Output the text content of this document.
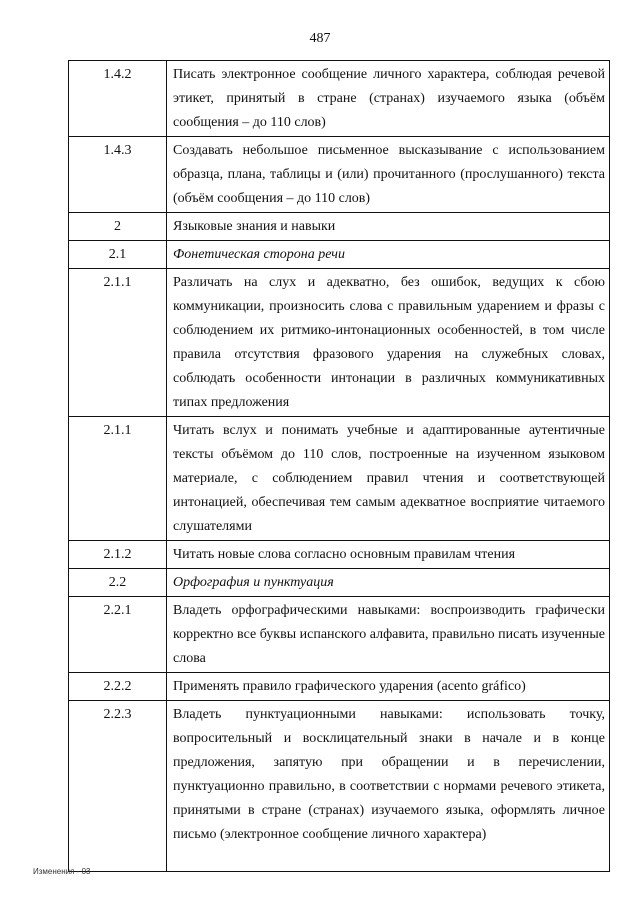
487
1.4.2	Писать электронное сообщение личного характера, соблюдая речевой этикет, принятый в стране (странах) изучаемого языка (объём сообщения – до 110 слов)
1.4.3	Создавать небольшое письменное высказывание с использованием образца, плана, таблицы и (или) прочитанного (прослушанного) текста (объём сообщения – до 110 слов)
2	Языковые знания и навыки
2.1	Фонетическая сторона речи
2.1.1	Различать на слух и адекватно, без ошибок, ведущих к сбою коммуникации, произносить слова с правильным ударением и фразы с соблюдением их ритмико-интонационных особенностей, в том числе правила отсутствия фразового ударения на служебных словах, соблюдать особенности интонации в различных коммуникативных типах предложения
2.1.1	Читать вслух и понимать учебные и адаптированные аутентичные тексты объёмом до 110 слов, построенные на изученном языковом материале, с соблюдением правил чтения и соответствующей интонацией, обеспечивая тем самым адекватное восприятие читаемого слушателями
2.1.2	Читать новые слова согласно основным правилам чтения
2.2	Орфография и пунктуация
2.2.1	Владеть орфографическими навыками: воспроизводить графически корректно все буквы испанского алфавита, правильно писать изученные слова
2.2.2	Применять правило графического ударения (acento gráfico)
2.2.3	Владеть пунктуационными навыками: использовать точку, вопросительный и восклицательный знаки в начале и в конце предложения, запятую при обращении и в перечислении, пунктуационно правильно, в соответствии с нормами речевого этикета, принятыми в стране (странах) изучаемого языка, оформлять личное письмо (электронное сообщение личного характера)
Изменения - 03
